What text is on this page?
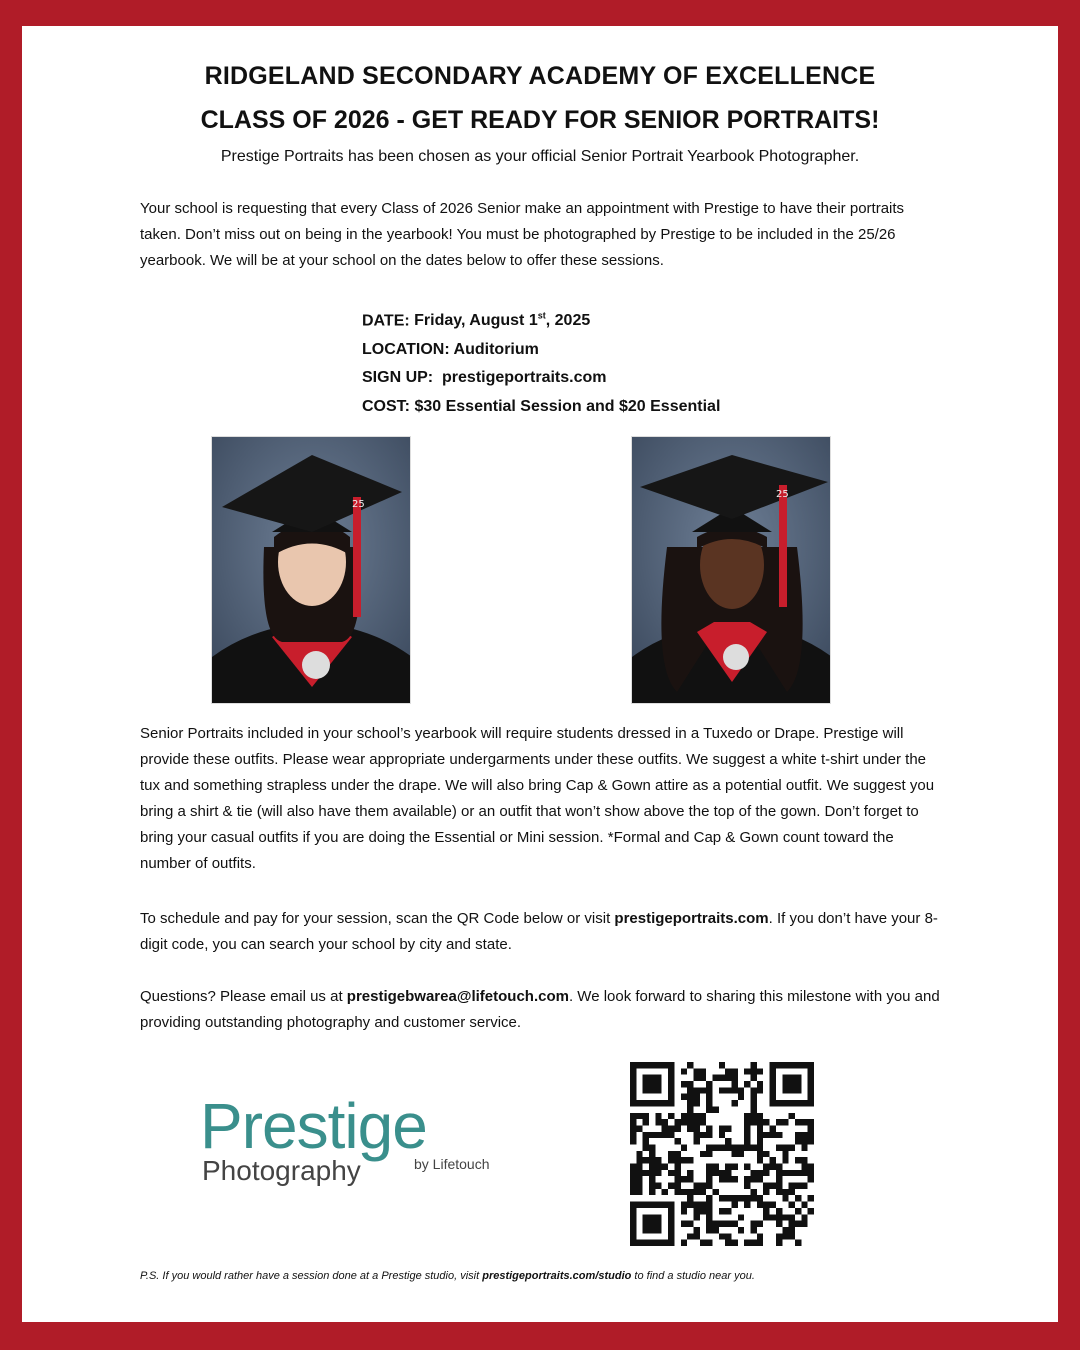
RIDGELAND SECONDARY ACADEMY OF EXCELLENCE
CLASS OF 2026 - GET READY FOR SENIOR PORTRAITS!
Prestige Portraits has been chosen as your official Senior Portrait Yearbook Photographer.

Your school is requesting that every Class of 2026 Senior make an appointment with Prestige to have their portraits taken. Don’t miss out on being in the yearbook! You must be photographed by Prestige to be included in the 25/26 yearbook. We will be at your school on the dates below to offer these sessions.

DATE: Friday, August 1st, 2025
LOCATION: Auditorium
SIGN UP: prestigeportraits.com
COST: $30 Essential Session and $20 Essential
25
25

Senior Portraits included in your school’s yearbook will require students dressed in a Tuxedo or Drape. Prestige will provide these outfits. Please wear appropriate undergarments under these outfits. We suggest a white t-shirt under the tux and something strapless under the drape. We will also bring Cap & Gown attire as a potential outfit. We suggest you bring a shirt & tie (will also have them available) or an outfit that won’t show above the top of the gown. Don’t forget to bring your casual outfits if you are doing the Essential or Mini session. *Formal and Cap & Gown count toward the number of outfits.

To schedule and pay for your session, scan the QR Code below or visit prestigeportraits.com. If you don’t have your 8-digit code, you can search your school by city and state.

Questions? Please email us at prestigebwarea@lifetouch.com. We look forward to sharing this milestone with you and providing outstanding photography and customer service.

Prestige
Photography	by Lifetouch
P.S. If you would rather have a session done at a Prestige studio, visit prestigeportraits.com/studio to find a studio near you.
